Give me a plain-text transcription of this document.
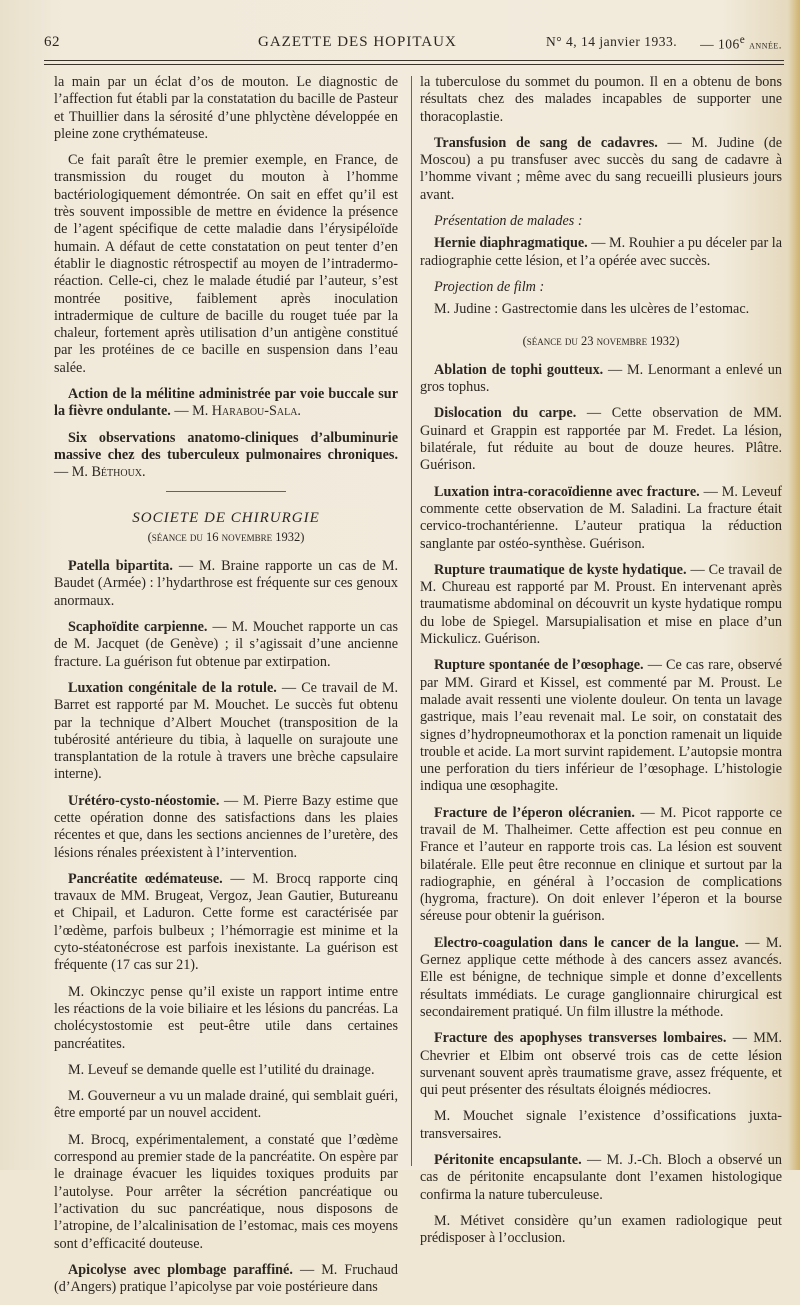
62	GAZETTE DES HOPITAUX	N° 4, 14 janvier 1933. — 106e année.

la main par un éclat d’os de mouton. Le diagnostic de l’affection fut établi par la constatation du bacille de Pasteur et Thuillier dans la sérosité d’une phlyctène développée en pleine zone crythémateuse.

Ce fait paraît être le premier exemple, en France, de transmission du rouget du mouton à l’homme bactériologiquement démontrée. On sait en effet qu’il est très souvent impossible de mettre en évidence la présence de l’agent spécifique de cette maladie dans l’érysipéloïde humain. A défaut de cette constatation on peut tenter d’en établir le diagnostic rétrospectif au moyen de l’intradermo-réaction. Celle-ci, chez le malade étudié par l’auteur, s’est montrée positive, faiblement après inoculation intradermique de culture de bacille du rouget tuée par la chaleur, fortement après utilisation d’un antigène constitué par les protéines de ce bacille en suspension dans l’eau salée.

Action de la mélitine administrée par voie buccale sur la fièvre ondulante. — M. Harabou-Sala.

Six observations anatomo-cliniques d’albuminurie massive chez des tuberculeux pulmonaires chroniques. — M. Béthoux.

SOCIETE DE CHIRURGIE
(séance du 16 novembre 1932)

Patella bipartita. — M. Braine rapporte un cas de M. Baudet (Armée) : l’hydarthrose est fréquente sur ces genoux anormaux.

Scaphoïdite carpienne. — M. Mouchet rapporte un cas de M. Jacquet (de Genève) ; il s’agissait d’une ancienne fracture. La guérison fut obtenue par extirpation.

Luxation congénitale de la rotule. — Ce travail de M. Barret est rapporté par M. Mouchet. Le succès fut obtenu par la technique d’Albert Mouchet (transposition de la tubérosité antérieure du tibia, à laquelle on surajoute une transplantation de la rotule à travers une brèche capsulaire interne).

Urétéro-cysto-néostomie. — M. Pierre Bazy estime que cette opération donne des satisfactions dans les plaies récentes et que, dans les sections anciennes de l’uretère, des lésions rénales préexistent à l’intervention.

Pancréatite œdémateuse. — M. Brocq rapporte cinq travaux de MM. Brugeat, Vergoz, Jean Gautier, Butureanu et Chipail, et Laduron. Cette forme est caractérisée par l’œdème, parfois bulbeux ; l’hémorragie est minime et la cyto-stéatonécrose est parfois inexistante. La guérison est fréquente (17 cas sur 21).

M. Okinczyc pense qu’il existe un rapport intime entre les réactions de la voie biliaire et les lésions du pancréas. La cholécystostomie est peut-être utile dans certaines pancréatites.

M. Leveuf se demande quelle est l’utilité du drainage.

M. Gouverneur a vu un malade drainé, qui semblait guéri, être emporté par un nouvel accident.

M. Brocq, expérimentalement, a constaté que l’œdème correspond au premier stade de la pancréatite. On espère par le drainage évacuer les liquides toxiques produits par l’autolyse. Pour arrêter la sécrétion pancréatique ou l’activation du suc pancréatique, nous disposons de l’atropine, de l’alcalinisation de l’estomac, mais ces moyens sont d’efficacité douteuse.

Apicolyse avec plombage paraffiné. — M. Fruchaud (d’Angers) pratique l’apicolyse par voie postérieure dans

la tuberculose du sommet du poumon. Il en a obtenu de bons résultats chez des malades incapables de supporter une thoracoplastie.

Transfusion de sang de cadavres. — M. Judine (de Moscou) a pu transfuser avec succès du sang de cadavre à l’homme vivant ; même avec du sang recueilli plusieurs jours avant.

Présentation de malades :

Hernie diaphragmatique. — M. Rouhier a pu déceler par la radiographie cette lésion, et l’a opérée avec succès.

Projection de film :

M. Judine : Gastrectomie dans les ulcères de l’estomac.

(séance du 23 novembre 1932)

Ablation de tophi goutteux. — M. Lenormant a enlevé un gros tophus.

Dislocation du carpe. — Cette observation de MM. Guinard et Grappin est rapportée par M. Fredet. La lésion, bilatérale, fut réduite au bout de douze heures. Plâtre. Guérison.

Luxation intra-coracoïdienne avec fracture. — M. Leveuf commente cette observation de M. Saladini. La fracture était cervico-trochantérienne. L’auteur pratiqua la réduction sanglante par ostéo-synthèse. Guérison.

Rupture traumatique de kyste hydatique. — Ce travail de M. Chureau est rapporté par M. Proust. En intervenant après traumatisme abdominal on découvrit un kyste hydatique rompu du lobe de Spiegel. Marsupialisation et mise en place d’un Mickulicz. Guérison.

Rupture spontanée de l’œsophage. — Ce cas rare, observé par MM. Girard et Kissel, est commenté par M. Proust. Le malade avait ressenti une violente douleur. On tenta un lavage gastrique, mais l’eau revenait mal. Le soir, on constatait des signes d’hydropneumothorax et la ponction ramenait un liquide trouble et acide. La mort survint rapidement. L’autopsie montra une perforation du tiers inférieur de l’œsophage. L’histologie indiqua une œsophagite.

Fracture de l’éperon olécranien. — M. Picot rapporte ce travail de M. Thalheimer. Cette affection est peu connue en France et l’auteur en rapporte trois cas. La lésion est souvent bilatérale. Elle peut être reconnue en clinique et surtout par la radiographie, en général à l’occasion de complications (hygroma, fracture). On doit enlever l’éperon et la bourse séreuse pour obtenir la guérison.

Electro-coagulation dans le cancer de la langue. — M. Gernez applique cette méthode à des cancers assez avancés. Elle est bénigne, de technique simple et donne d’excellents résultats immédiats. Le curage ganglionnaire chirurgical est secondairement pratiqué. Un film illustre la méthode.

Fracture des apophyses transverses lombaires. — MM. Chevrier et Elbim ont observé trois cas de cette lésion survenant souvent après traumatisme grave, assez fréquente, et qui peut présenter des résultats éloignés médiocres.

M. Mouchet signale l’existence d’ossifications juxta-transversaires.

Péritonite encapsulante. — M. J.-Ch. Bloch a observé un cas de péritonite encapsulante dont l’examen histologique confirma la nature tuberculeuse.

M. Métivet considère qu’un examen radiologique peut prédisposer à l’occlusion.
